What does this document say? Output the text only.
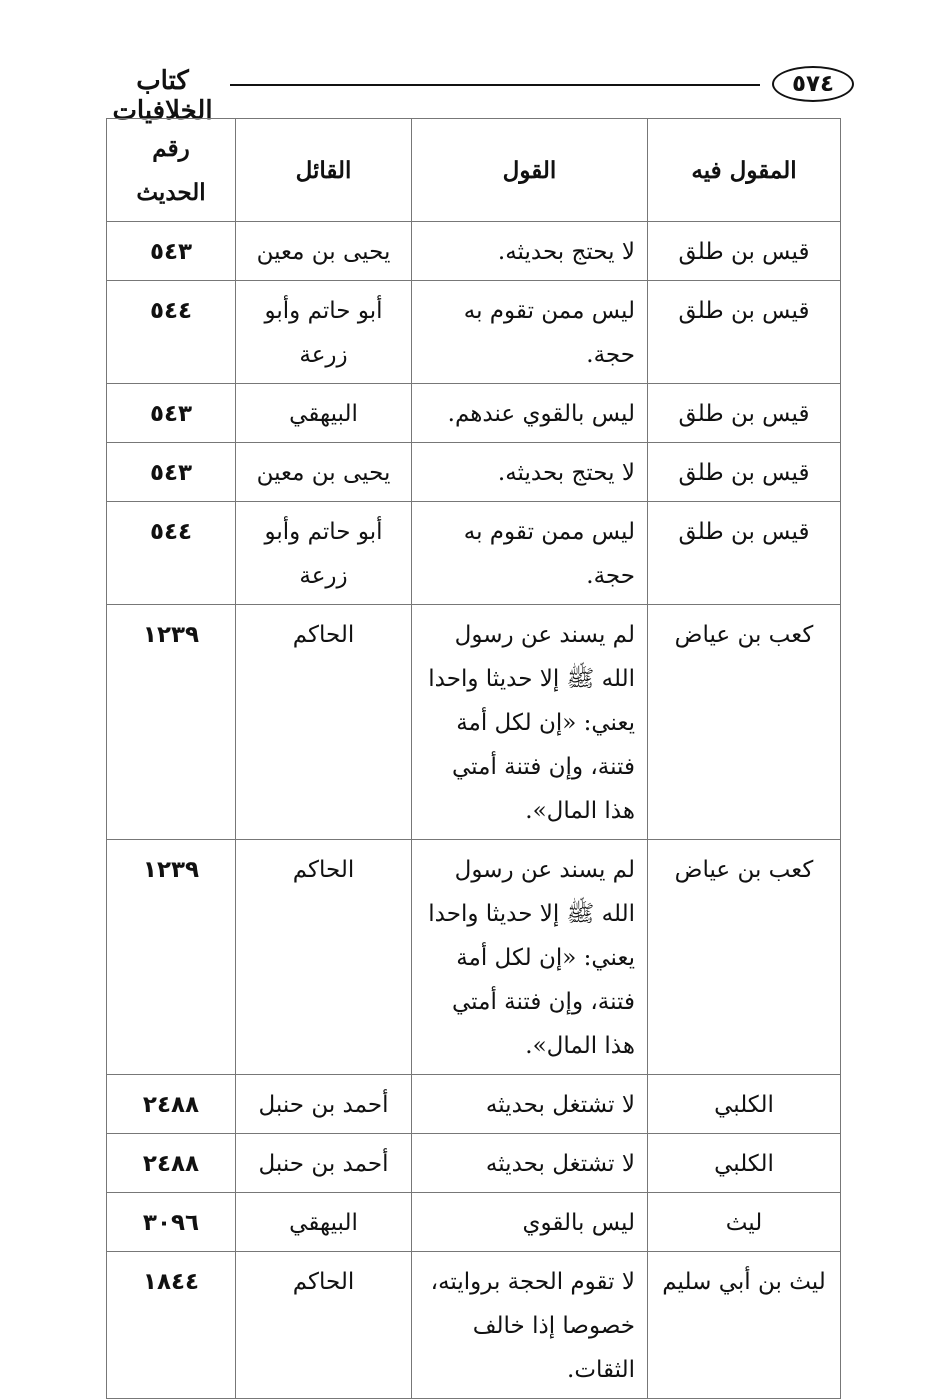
٥٧٤
كتاب الخلافيات
المقول فيه	القول	القائل	رقم الحديث
قيس بن طلق	لا يحتج بحديثه.	يحيى بن معين	٥٤٣
قيس بن طلق	ليس ممن تقوم به حجة.	أبو حاتم وأبو زرعة	٥٤٤
قيس بن طلق	ليس بالقوي عندهم.	البيهقي	٥٤٣
قيس بن طلق	لا يحتج بحديثه.	يحيى بن معين	٥٤٣
قيس بن طلق	ليس ممن تقوم به حجة.	أبو حاتم وأبو زرعة	٥٤٤
كعب بن عياض	لم يسند عن رسول الله ﷺ إلا حديثا واحدا يعني: «إن لكل أمة فتنة، وإن فتنة أمتي هذا المال».	الحاكم	١٢٣٩
كعب بن عياض	لم يسند عن رسول الله ﷺ إلا حديثا واحدا يعني: «إن لكل أمة فتنة، وإن فتنة أمتي هذا المال».	الحاكم	١٢٣٩
الكلبي	لا تشتغل بحديثه	أحمد بن حنبل	٢٤٨٨
الكلبي	لا تشتغل بحديثه	أحمد بن حنبل	٢٤٨٨
ليث	ليس بالقوي	البيهقي	٣٠٩٦
ليث بن أبي سليم	لا تقوم الحجة بروايته، خصوصا إذا خالف الثقات.	الحاكم	١٨٤٤
